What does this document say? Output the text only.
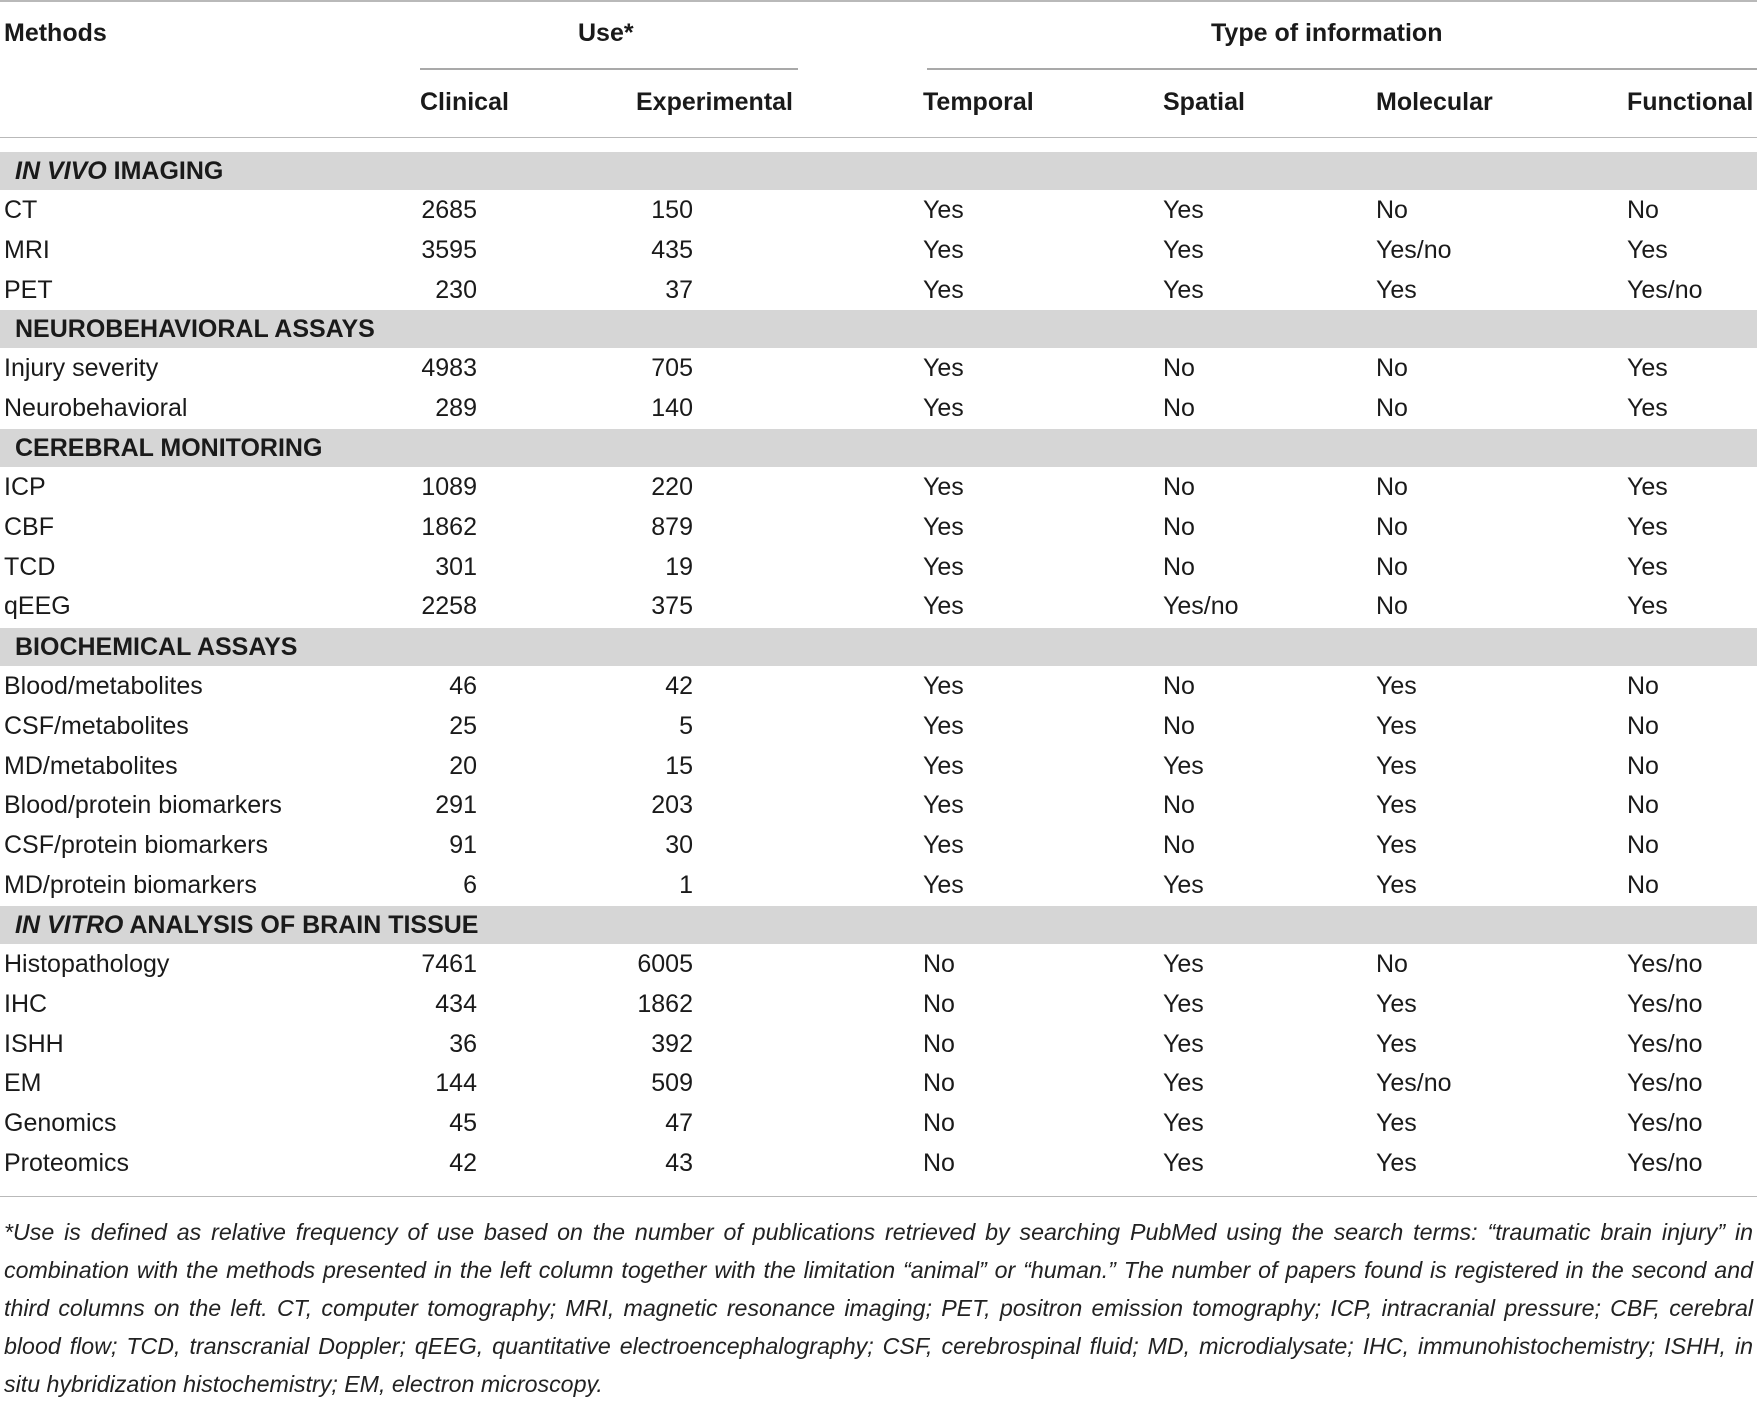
Methods	Use*	Type of information
Clinical	Experimental	Temporal	Spatial	Molecular	Functional
IN VIVO IMAGING
CT	2685	150	Yes	Yes	No	No
MRI	3595	435	Yes	Yes	Yes/no	Yes
PET	230	37	Yes	Yes	Yes	Yes/no
NEUROBEHAVIORAL ASSAYS
Injury severity	4983	705	Yes	No	No	Yes
Neurobehavioral	289	140	Yes	No	No	Yes
CEREBRAL MONITORING
ICP	1089	220	Yes	No	No	Yes
CBF	1862	879	Yes	No	No	Yes
TCD	301	19	Yes	No	No	Yes
qEEG	2258	375	Yes	Yes/no	No	Yes
BIOCHEMICAL ASSAYS
Blood/metabolites	46	42	Yes	No	Yes	No
CSF/metabolites	25	5	Yes	No	Yes	No
MD/metabolites	20	15	Yes	Yes	Yes	No
Blood/protein biomarkers	291	203	Yes	No	Yes	No
CSF/protein biomarkers	91	30	Yes	No	Yes	No
MD/protein biomarkers	6	1	Yes	Yes	Yes	No
IN VITRO ANALYSIS OF BRAIN TISSUE
Histopathology	7461	6005	No	Yes	No	Yes/no
IHC	434	1862	No	Yes	Yes	Yes/no
ISHH	36	392	No	Yes	Yes	Yes/no
EM	144	509	No	Yes	Yes/no	Yes/no
Genomics	45	47	No	Yes	Yes	Yes/no
Proteomics	42	43	No	Yes	Yes	Yes/no
*Use is defined as relative frequency of use based on the number of publications retrieved by searching PubMed using the search terms: “traumatic brain injury” in combination with the methods presented in the left column together with the limitation “animal” or “human.” The number of papers found is registered in the second and third columns on the left. CT, computer tomography; MRI, magnetic resonance imaging; PET, positron emission tomography; ICP, intracranial pressure; CBF, cerebral blood flow; TCD, transcranial Doppler; qEEG, quantitative electroencephalography; CSF, cerebrospinal fluid; MD, microdialysate; IHC, immunohistochemistry; ISHH, in situ hybridization histochemistry; EM, electron microscopy.
